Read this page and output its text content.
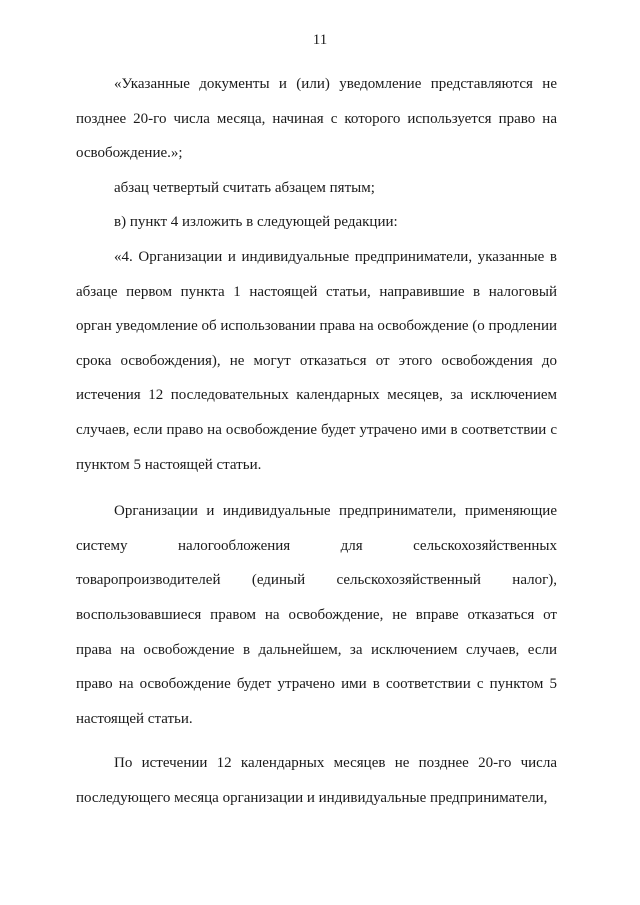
11

«Указанные документы и (или) уведомление представляются не позднее 20-го числа месяца, начиная с которого используется право на освобождение.»;

абзац четвертый считать абзацем пятым;

в) пункт 4 изложить в следующей редакции:

«4. Организации и индивидуальные предприниматели, указанные в абзаце первом пункта 1 настоящей статьи, направившие в налоговый орган уведомление об использовании права на освобождение (о продлении срока освобождения), не могут отказаться от этого освобождения до истечения 12 последовательных календарных месяцев, за исключением случаев, если право на освобождение будет утрачено ими в соответствии с пунктом 5 настоящей статьи.

Организации и индивидуальные предприниматели, применяющие систему налогообложения для сельскохозяйственных товаропроизводителей (единый сельскохозяйственный налог), воспользовавшиеся правом на освобождение, не вправе отказаться от права на освобождение в дальнейшем, за исключением случаев, если право на освобождение будет утрачено ими в соответствии с пунктом 5 настоящей статьи.

По истечении 12 календарных месяцев не позднее 20-го числа последующего месяца организации и индивидуальные предприниматели,
